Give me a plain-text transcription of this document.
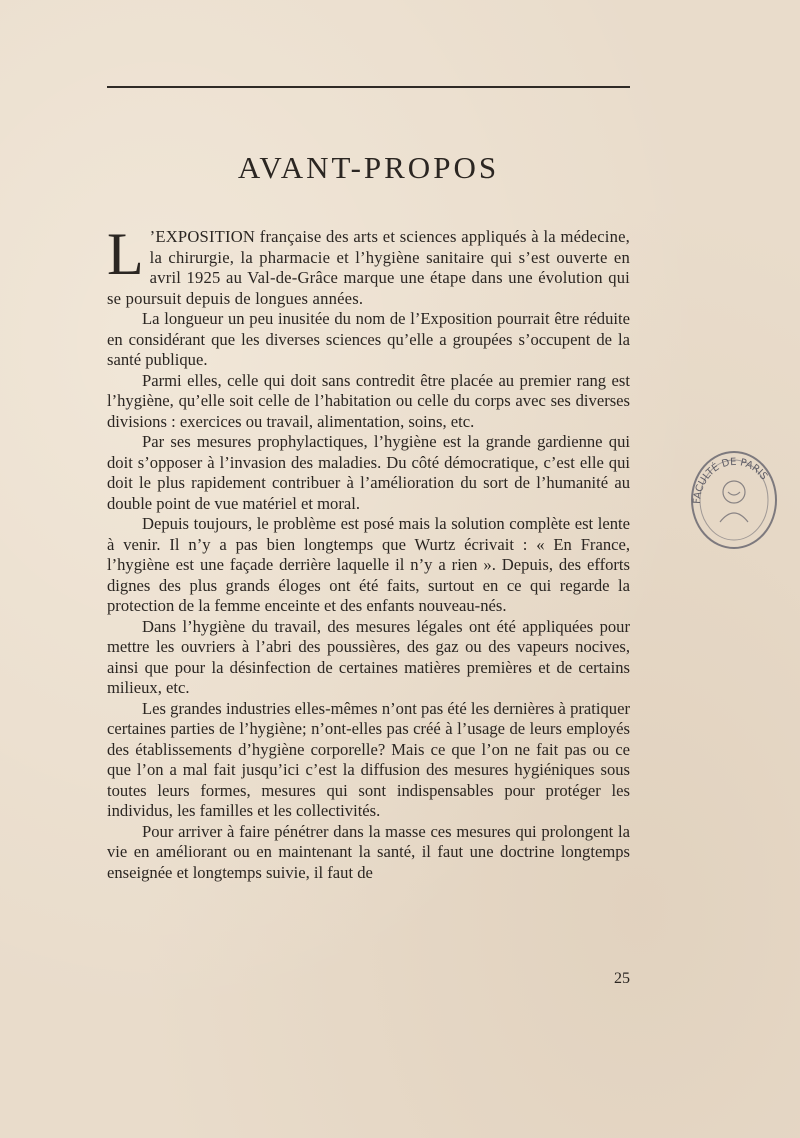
AVANT-PROPOS

L ’EXPOSITION française des arts et sciences appliqués à la médecine, la chirurgie, la pharmacie et l’hygiène sanitaire qui s’est ouverte en avril 1925 au Val-de-Grâce marque une étape dans une évolution qui se poursuit depuis de longues années.

La longueur un peu inusitée du nom de l’Exposition pourrait être réduite en considérant que les diverses sciences qu’elle a groupées s’occupent de la santé publique.

Parmi elles, celle qui doit sans contredit être placée au premier rang est l’hygiène, qu’elle soit celle de l’habitation ou celle du corps avec ses diverses divisions : exercices ou travail, alimentation, soins, etc.

Par ses mesures prophylactiques, l’hygiène est la grande gardienne qui doit s’opposer à l’invasion des maladies. Du côté démocratique, c’est elle qui doit le plus rapidement contribuer à l’amélioration du sort de l’humanité au double point de vue matériel et moral.

Depuis toujours, le problème est posé mais la solution complète est lente à venir. Il n’y a pas bien longtemps que Wurtz écrivait : « En France, l’hygiène est une façade derrière laquelle il n’y a rien ». Depuis, des efforts dignes des plus grands éloges ont été faits, surtout en ce qui regarde la protection de la femme enceinte et des enfants nouveau-nés.

Dans l’hygiène du travail, des mesures légales ont été appliquées pour mettre les ouvriers à l’abri des poussières, des gaz ou des vapeurs nocives, ainsi que pour la désinfection de certaines matières premières et de certains milieux, etc.

Les grandes industries elles-mêmes n’ont pas été les dernières à pratiquer certaines parties de l’hygiène; n’ont-elles pas créé à l’usage de leurs employés des établissements d’hygiène corporelle? Mais ce que l’on ne fait pas ou ce que l’on a mal fait jusqu’ici c’est la diffusion des mesures hygiéniques sous toutes leurs formes, mesures qui sont indispensables pour protéger les individus, les familles et les collectivités.

Pour arriver à faire pénétrer dans la masse ces mesures qui prolongent la vie en améliorant ou en maintenant la santé, il faut une doctrine longtemps enseignée et longtemps suivie, il faut de

25
FACULTÉ DE PARIS
